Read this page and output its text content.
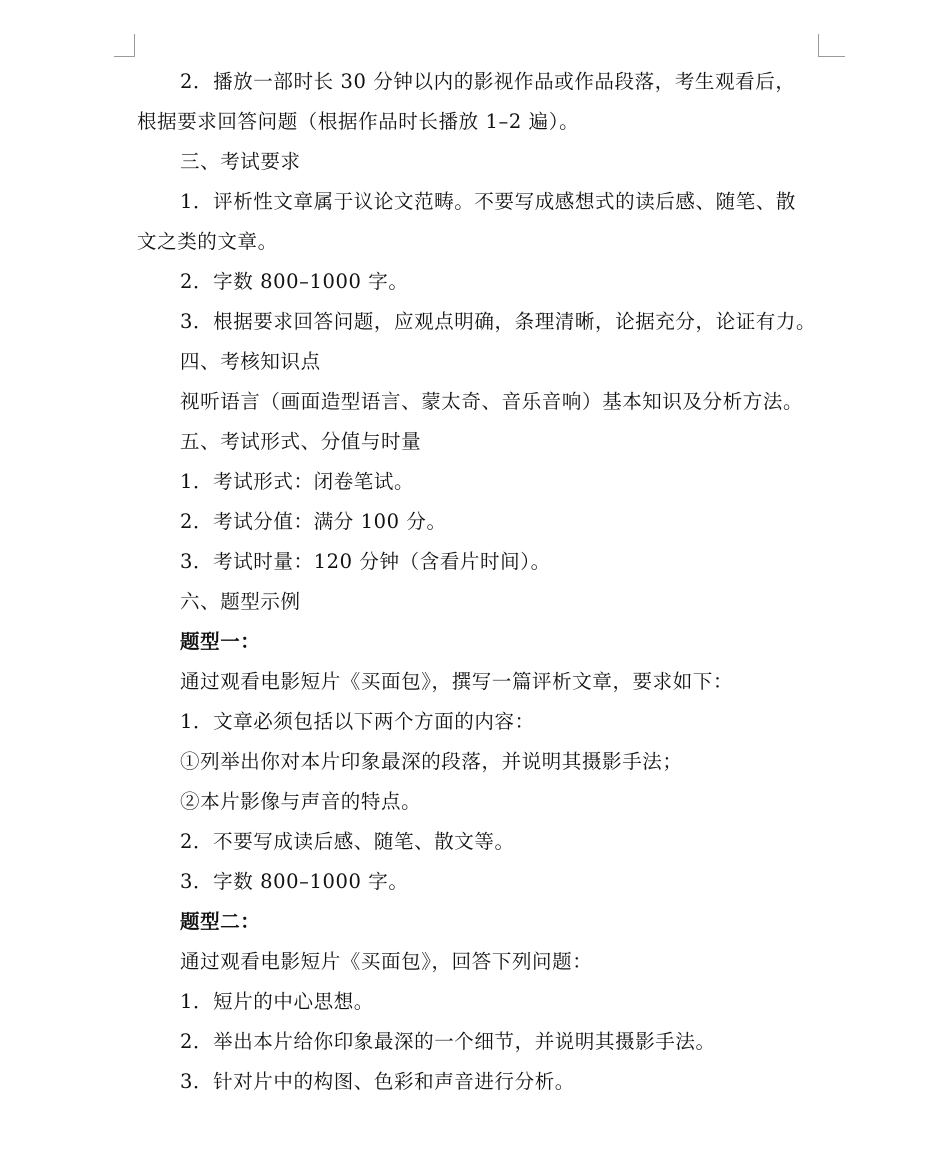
2．播放一部时长 30 分钟以内的影视作品或作品段落，考生观看后，
根据要求回答问题（根据作品时长播放 1–2 遍）。
三、考试要求
1．评析性文章属于议论文范畴。不要写成感想式的读后感、随笔、散
文之类的文章。
2．字数 800–1000 字。
3．根据要求回答问题，应观点明确，条理清晰，论据充分，论证有力。
四、考核知识点
视听语言（画面造型语言、蒙太奇、音乐音响）基本知识及分析方法。
五、考试形式、分值与时量
1．考试形式：闭卷笔试。
2．考试分值：满分 100 分。
3．考试时量：120 分钟（含看片时间）。
六、题型示例
题型一：
通过观看电影短片《买面包》，撰写一篇评析文章，要求如下：
1．文章必须包括以下两个方面的内容：
①列举出你对本片印象最深的段落，并说明其摄影手法；
②本片影像与声音的特点。
2．不要写成读后感、随笔、散文等。
3．字数 800–1000 字。
题型二：
通过观看电影短片《买面包》，回答下列问题：
1．短片的中心思想。
2．举出本片给你印象最深的一个细节，并说明其摄影手法。
3．针对片中的构图、色彩和声音进行分析。
